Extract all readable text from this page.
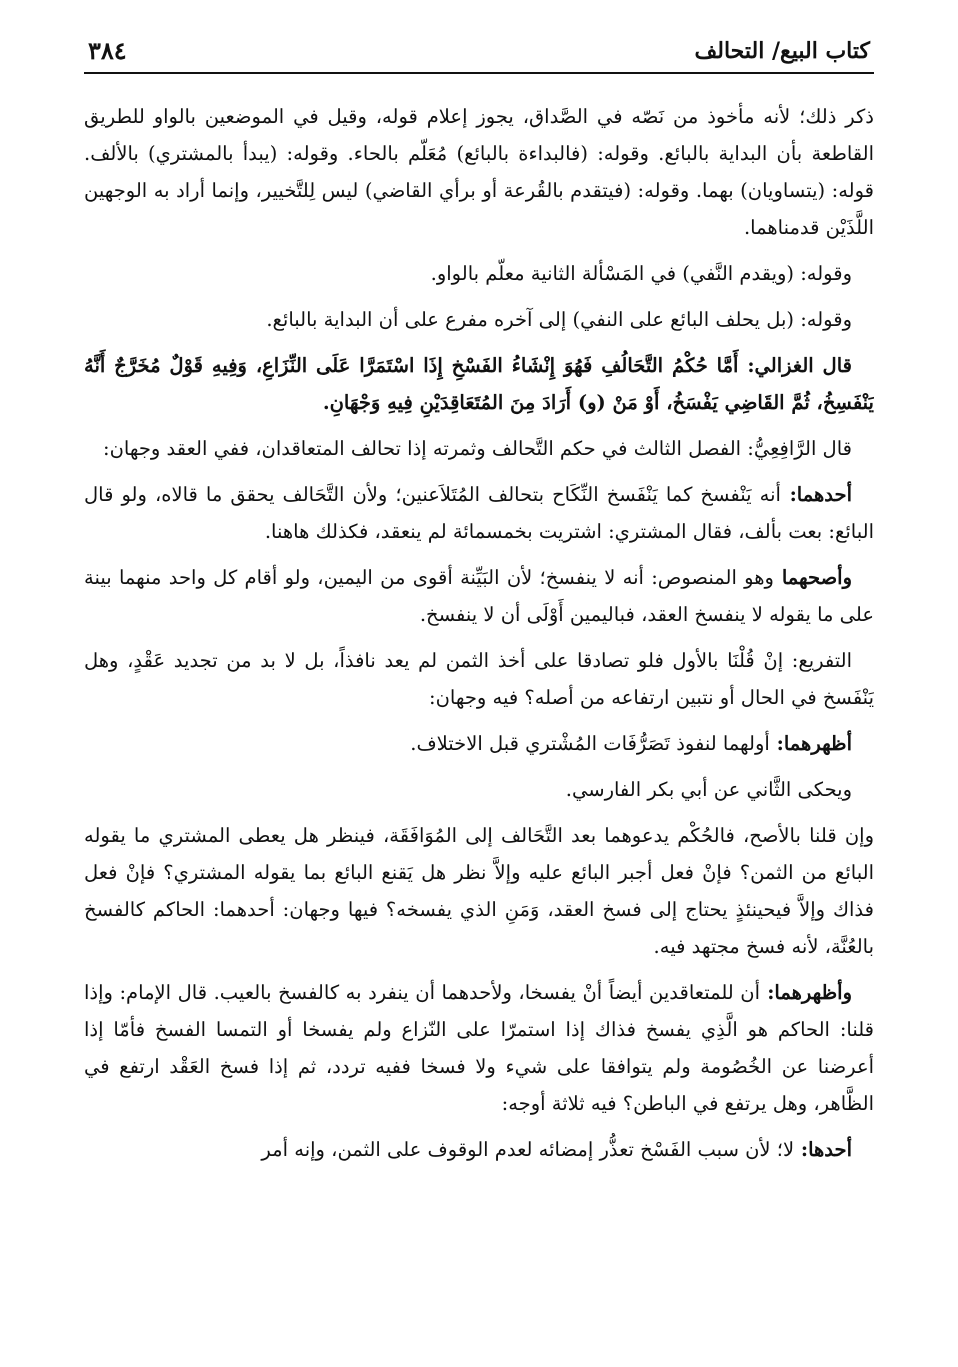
كتاب البيع/ التحالف
٣٨٤

ذكر ذلك؛ لأنه مأخوذ من نَصّه في الصَّداق، يجوز إعلام قوله، وقيل في الموضعين بالواو للطريق القاطعة بأن البداية بالبائع. وقوله: (فالبداءة بالبائع) مُعَلّم بالحاء. وقوله: (يبدأ بالمشتري) بالألف. قوله: (يتساويان) بهما. وقوله: (فيتقدم بالقُرعة أو برأي القاضي) ليس لِلتَّخيير، وإنما أراد به الوجهين اللَّذَيْن قدمناهما.

وقوله: (ويقدم النَّفي) في المَسْألة الثانية معلّم بالواو.

وقوله: (بل يحلف البائع على النفي) إلى آخره مفرع على أن البداية بالبائع.

قال الغزالي: أَمَّا حُكْمُ التَّحَالُفِ فَهُوَ إِنْشَاءُ الفَسْخِ إِذَا اسْتَمَرَّا عَلَى النِّزَاعِ، وَفِيهِ قَوْلٌ مُخَرَّجٌ أَنَّهُ يَنْفَسِخُ، ثُمَّ القَاضِي يَفْسَخُ، أَوْ مَنْ (و) أَرَادَ مِنَ المُتَعَاقِدَيْنِ فِيهِ وَجْهَانِ.

قال الرَّافِعِيُّ: الفصل الثالث في حكم التَّحالف وثمرته إذا تحالف المتعاقدان، ففي العقد وجهان:

أحدهما: أنه يَنْفسخ كما يَنْفَسخ النِّكَاح بتحالف المُتَلاَعنين؛ ولأن التَّحَالف يحقق ما قالاه، ولو قال البائع: بعت بألف، فقال المشتري: اشتريت بخمسمائة لم ينعقد، فكذلك هاهنا.

وأصحهما وهو المنصوص: أنه لا ينفسخ؛ لأن البَيِّنة أقوى من اليمين، ولو أقام كل واحد منهما بينة على ما يقوله لا ينفسخ العقد، فباليمين أَوْلَى أن لا ينفسخ.

التفريع: إنْ قُلْنَا بالأول فلو تصادقا على أخذ الثمن لم يعد نافذاً، بل لا بد من تجديد عَقْدٍ، وهل يَنْفَسخ في الحال أو نتبين ارتفاعه من أصله؟ فيه وجهان:

أظهرهما: أولهما لنفوذ تَصَرُّفَات المُشْتري قبل الاختلاف.

ويحكى الثَّاني عن أبي بكر الفارسي.

وإن قلنا بالأصح، فالحُكْم يدعوهما بعد التَّحَالف إلى المُوَافَقَة، فينظر هل يعطى المشتري ما يقوله البائع من الثمن؟ فإنْ فعل أجبر البائع عليه وإلاَّ نظر هل يَقنع البائع بما يقوله المشتري؟ فإنْ فعل فذاك وإلاَّ فيحينئذٍ يحتاج إلى فسخ العقد، وَمَنِ الذي يفسخه؟ فيها وجهان: أحدهما: الحاكم كالفسخ بالعُنَّة، لأنه فسخ مجتهد فيه.

وأظهرهما: أن للمتعاقدين أيضاً أنْ يفسخا، ولأحدهما أن ينفرد به كالفسخ بالعيب. قال الإمام: وإذا قلنا: الحاكم هو الَّذِي يفسخ فذاك إذا استمرّا على النّزاع ولم يفسخا أو التمسا الفسخ فأمّا إذا أعرضنا عن الخُصُومة ولم يتوافقا على شيء ولا فسخا ففيه تردد، ثم إذا فسخ العَقْد ارتفع في الظَّاهر، وهل يرتفع في الباطن؟ فيه ثلاثة أوجه:

أحدها: لا؛ لأن سبب الفَسْخ تعذُّر إمضائه لعدم الوقوف على الثمن، وإنه أمر
